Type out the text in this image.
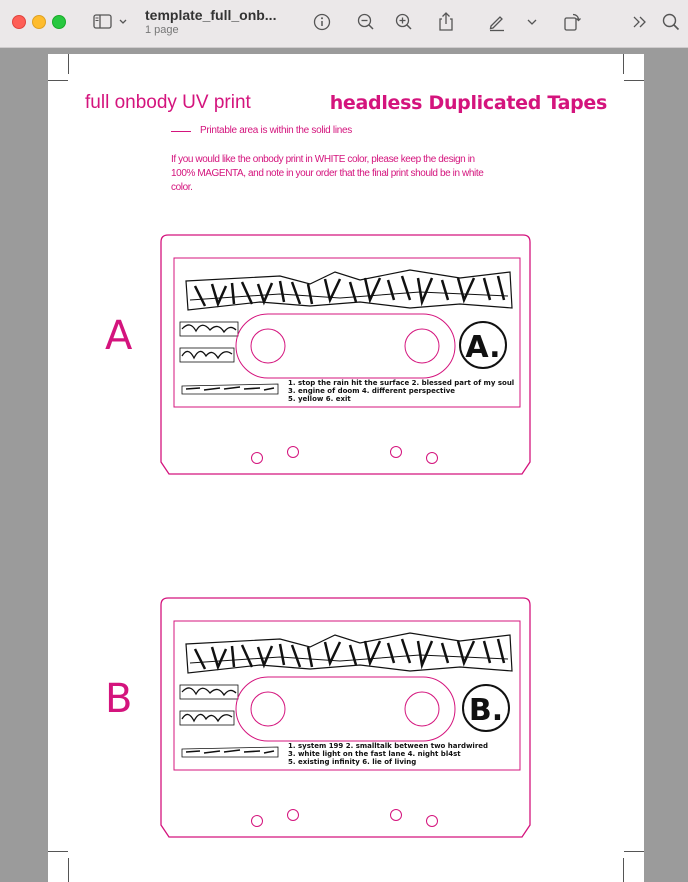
template_full_onb...
1 page
full onbody UV print	headless Duplicated Tapes
Printable area is within the solid lines
If you would like the onbody print in WHITE color, please keep the design in 100% MAGENTA, and note in your order that the final print should be in white color.
A	A.
1. stop the rain hit the surface 2. blessed part of my soul
3. engine of doom 4. different perspective
5. yellow 6. exit
B	B.
1. system 199 2. smalltalk between two hardwired
3. white light on the fast lane 4. night bl4st
5. existing infinity 6. lie of living
